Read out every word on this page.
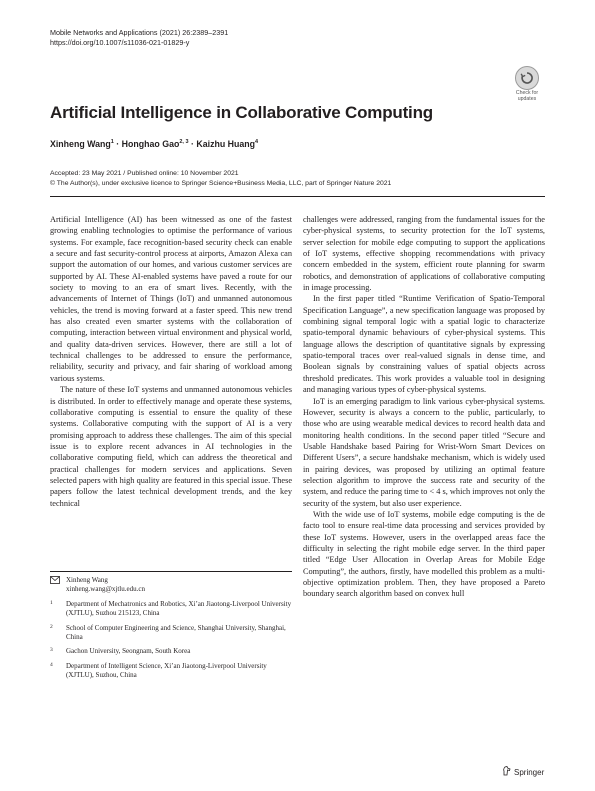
Mobile Networks and Applications (2021) 26:2389–2391
https://doi.org/10.1007/s11036-021-01829-y
Check for
updates
Artificial Intelligence in Collaborative Computing
Xinheng Wang$^1$ · Honghao Gao$^{2, 3}$ · Kaizhu Huang$^4$
Accepted: 23 May 2021 / Published online: 10 November 2021
© The Author(s), under exclusive licence to Springer Science+Business Media, LLC, part of Springer Nature 2021

Artificial Intelligence (AI) has been witnessed as one of the fastest growing enabling technologies to optimise the performance of various systems. For example, face recognition-based security check can enable a secure and fast security-control process at airports, Amazon Alexa can support the automation of our homes, and various customer services are supported by AI. These AI-enabled systems have paved a route for our society to moving to an era of smart lives. Recently, with the advancements of Internet of Things (IoT) and unmanned autonomous vehicles, the trend is moving forward at a faster speed. This new trend has also created even smarter systems with the collaboration of computing, interaction between virtual environment and physical world, and quality data-driven services. However, there are still a lot of technical challenges to be addressed to ensure the performance, reliability, security and privacy, and fair sharing of workload among various systems.

The nature of these IoT systems and unmanned autonomous vehicles is distributed. In order to effectively manage and operate these systems, collaborative computing is essential to ensure the quality of these systems. Collaborative computing with the support of AI is a very promising approach to address these challenges. The aim of this special issue is to explore recent advances in AI technologies in the collaborative computing field, which can address the theoretical and practical challenges for modern services and applications. Seven selected papers with high quality are featured in this special issue. These papers follow the latest technical development trends, and the key technical

challenges were addressed, ranging from the fundamental issues for the cyber-physical systems, to security protection for the IoT systems, server selection for mobile edge computing to support the applications of IoT systems, effective shopping recommendations with privacy concern embedded in the system, efficient route planning for swarm robotics, and demonstration of applications of collaborative computing in image processing.

In the first paper titled “Runtime Verification of Spatio-Temporal Specification Language”, a new specification language was proposed by combining signal temporal logic with a spatial logic to characterize spatio-temporal dynamic behaviours of cyber-physical systems. This language allows the description of quantitative signals by expressing spatio-temporal traces over real-valued signals in dense time, and Boolean signals by constraining values of spatial objects across threshold predicates. This work provides a valuable tool in designing and managing various types of cyber-physical systems.

IoT is an emerging paradigm to link various cyber-physical systems. However, security is always a concern to the public, particularly, to those who are using wearable medical devices to record health data and monitoring health conditions. In the second paper titled “Secure and Usable Handshake based Pairing for Wrist-Worn Smart Devices on Different Users”, a secure handshake mechanism, which is widely used in pairing devices, was proposed by utilizing an optimal feature selection algorithm to improve the success rate and security of the system, and reduce the paring time to < 4 s, which improves not only the security of the system, but also user experience.

With the wide use of IoT systems, mobile edge computing is the de facto tool to ensure real-time data processing and services provided by these IoT systems. However, users in the overlapped areas face the difficulty in selecting the right mobile edge server. In the third paper titled “Edge User Allocation in Overlap Areas for Mobile Edge Computing”, the authors, firstly, have modelled this problem as a multi-objective optimization problem. Then, they have proposed a Pareto boundary search algorithm based on convex hull

Xinheng Wang
xinheng.wang@xjtlu.edu.cn
1	Department of Mechatronics and Robotics, Xi’an Jiaotong-Liverpool University (XJTLU), Suzhou 215123, China
2	School of Computer Engineering and Science, Shanghai University, Shanghai, China
3	Gachon University, Seongnam, South Korea
4	Department of Intelligent Science, Xi’an Jiaotong-Liverpool University (XJTLU), Suzhou, China
Springer
